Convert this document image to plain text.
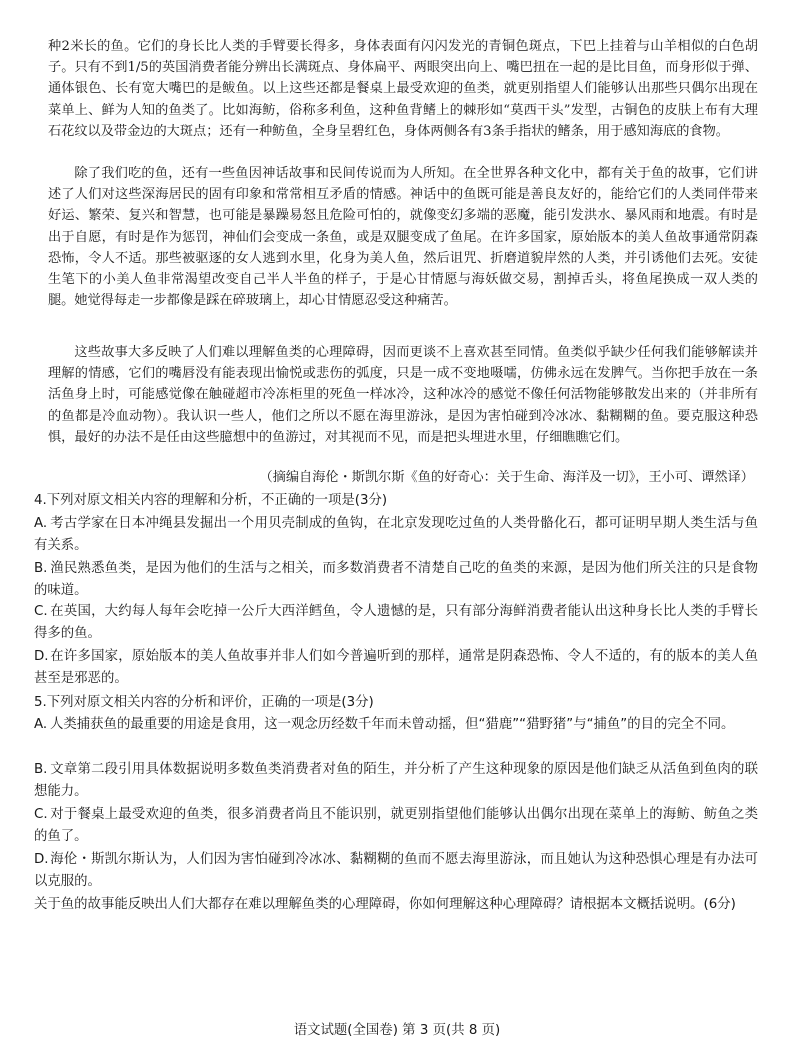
种2米长的鱼。它们的身长比人类的手臂要长得多，身体表面有闪闪发光的青铜色斑点，下巴上挂着与山羊相似的白色胡子。只有不到1/5的英国消费者能分辨出长满斑点、身体扁平、两眼突出向上、嘴巴扭在一起的是比目鱼，而身形似于弹、通体银色、长有宽大嘴巴的是鲅鱼。以上这些还都是餐桌上最受欢迎的鱼类，就更别指望人们能够认出那些只偶尔出现在菜单上、鲜为人知的鱼类了。比如海鲂，俗称多利鱼，这种鱼背鳍上的棘形如“莫西干头”发型，古铜色的皮肤上布有大理石花纹以及带金边的大斑点；还有一种鲂鱼，全身呈碧红色，身体两侧各有3条手指状的鳍条，用于感知海底的食物。
除了我们吃的鱼，还有一些鱼因神话故事和民间传说而为人所知。在全世界各种文化中，都有关于鱼的故事，它们讲述了人们对这些深海居民的固有印象和常常相互矛盾的情感。神话中的鱼既可能是善良友好的，能给它们的人类同伴带来好运、繁荣、复兴和智慧，也可能是暴躁易怒且危险可怕的，就像变幻多端的恶魔，能引发洪水、暴风雨和地震。有时是出于自愿，有时是作为惩罚，神仙们会变成一条鱼，或是双腿变成了鱼尾。在许多国家，原始版本的美人鱼故事通常阴森恐怖，令人不适。那些被驱逐的女人逃到水里，化身为美人鱼，然后诅咒、折磨道貌岸然的人类，并引诱他们去死。安徒生笔下的小美人鱼非常渴望改变自己半人半鱼的样子，于是心甘情愿与海妖做交易，割掉舌头，将鱼尾换成一双人类的腿。她觉得每走一步都像是踩在碎玻璃上，却心甘情愿忍受这种痛苦。
这些故事大多反映了人们难以理解鱼类的心理障碍，因而更谈不上喜欢甚至同情。鱼类似乎缺少任何我们能够解读并理解的情感，它们的嘴唇没有能表现出愉悦或悲伤的弧度，只是一成不变地嗫嚅，仿佛永远在发脾气。当你把手放在一条活鱼身上时，可能感觉像在触碰超市冷冻柜里的死鱼一样冰冷，这种冰冷的感觉不像任何活物能够散发出来的（并非所有的鱼都是冷血动物）。我认识一些人，他们之所以不愿在海里游泳，是因为害怕碰到冷冰冰、黏糊糊的鱼。要克服这种恐惧，最好的办法不是任由这些臆想中的鱼游过，对其视而不见，而是把头埋进水里，仔细瞧瞧它们。
（摘编自海伦・斯凯尔斯《鱼的好奇心：关于生命、海洋及一切》，王小可、谭然译）
4.下列对原文相关内容的理解和分析，不正确的一项是(3分)
A. 考古学家在日本冲绳县发掘出一个用贝壳制成的鱼钩，在北京发现吃过鱼的人类骨骼化石，都可证明早期人类生活与鱼有关系。
B. 渔民熟悉鱼类，是因为他们的生活与之相关，而多数消费者不清楚自己吃的鱼类的来源，是因为他们所关注的只是食物的味道。
C. 在英国，大约每人每年会吃掉一公斤大西洋鳕鱼，令人遗憾的是，只有部分海鲜消费者能认出这种身长比人类的手臂长得多的鱼。
D.在许多国家，原始版本的美人鱼故事并非人们如今普遍听到的那样，通常是阴森恐怖、令人不适的，有的版本的美人鱼甚至是邪恶的。
5.下列对原文相关内容的分析和评价，正确的一项是(3分)
A. 人类捕获鱼的最重要的用途是食用，这一观念历经数千年而未曾动摇，但“猎鹿”“猎野猪”与“捕鱼”的目的完全不同。
B. 文章第二段引用具体数据说明多数鱼类消费者对鱼的陌生，并分析了产生这种现象的原因是他们缺乏从活鱼到鱼肉的联想能力。
C. 对于餐桌上最受欢迎的鱼类，很多消费者尚且不能识别，就更别指望他们能够认出偶尔出现在菜单上的海鲂、鲂鱼之类的鱼了。
D.海伦・斯凯尔斯认为，人们因为害怕碰到冷冰冰、黏糊糊的鱼而不愿去海里游泳，而且她认为这种恐惧心理是有办法可以克服的。
关于鱼的故事能反映出人们大都存在难以理解鱼类的心理障碍，你如何理解这种心理障碍？请根据本文概括说明。(6分)
语文试题(全国卷) 第 3 页(共 8 页)
